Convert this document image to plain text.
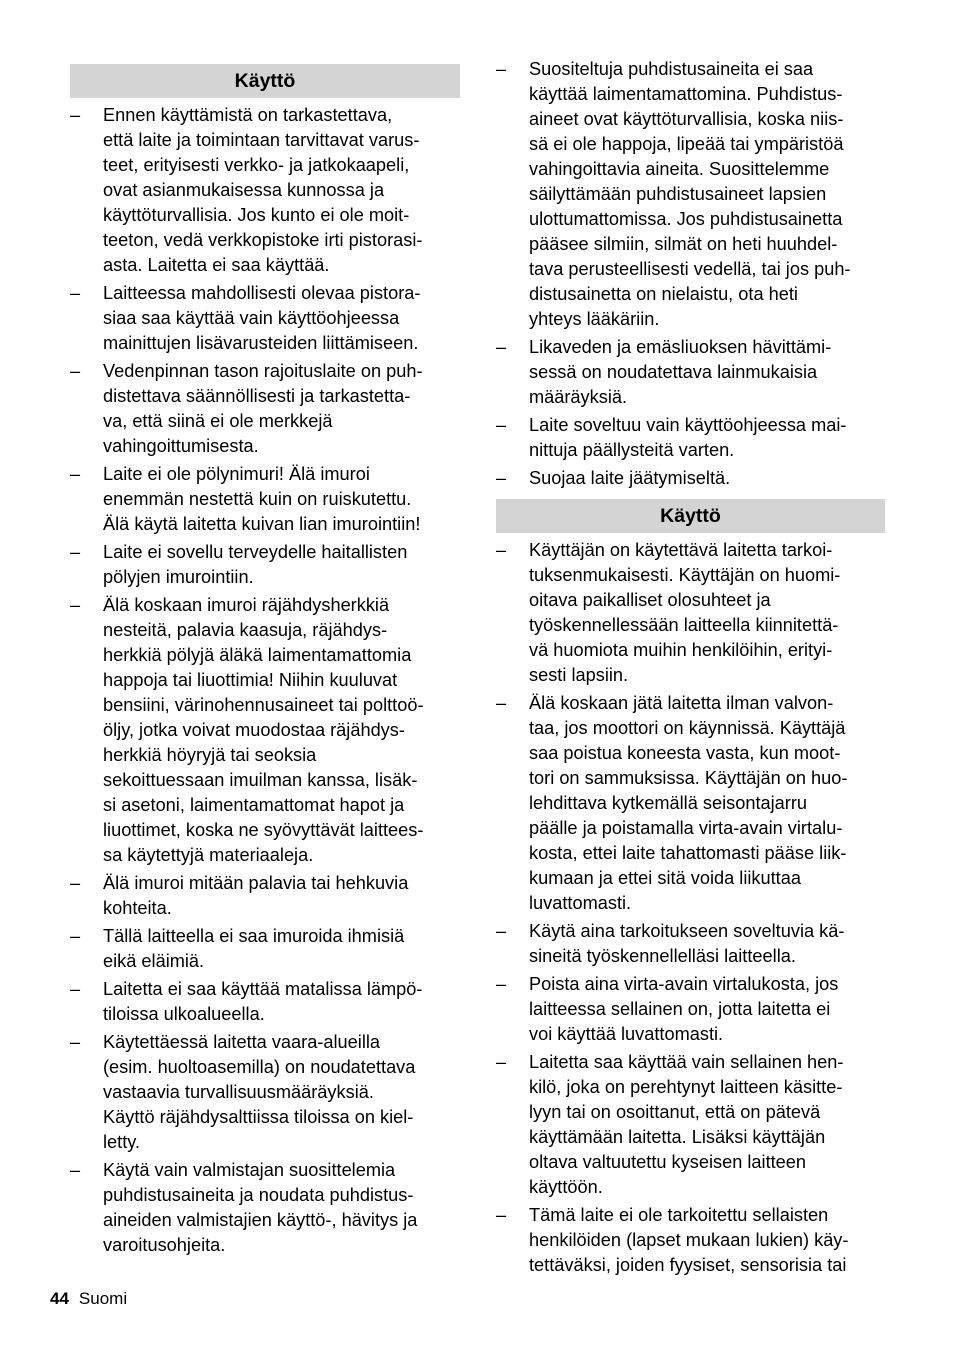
Käyttö
–	Ennen käyttämistä on tarkastettava,
että laite ja toimintaan tarvittavat varus-
teet, erityisesti verkko- ja jatkokaapeli,
ovat asianmukaisessa kunnossa ja
käyttöturvallisia. Jos kunto ei ole moit-
teeton, vedä verkkopistoke irti pistorasi-
asta. Laitetta ei saa käyttää.
–	Laitteessa mahdollisesti olevaa pistora-
siaa saa käyttää vain käyttöohjeessa
mainittujen lisävarusteiden liittämiseen.
–	Vedenpinnan tason rajoituslaite on puh-
distettava säännöllisesti ja tarkastetta-
va, että siinä ei ole merkkejä
vahingoittumisesta.
–	Laite ei ole pölynimuri! Älä imuroi
enemmän nestettä kuin on ruiskutettu.
Älä käytä laitetta kuivan lian imurointiin!
–	Laite ei sovellu terveydelle haitallisten
pölyjen imurointiin.
–	Älä koskaan imuroi räjähdysherkkiä
nesteitä, palavia kaasuja, räjähdys-
herkkiä pölyjä äläkä laimentamattomia
happoja tai liuottimia! Niihin kuuluvat
bensiini, värinohennusaineet tai polttoö-
öljy, jotka voivat muodostaa räjähdys-
herkkiä höyryjä tai seoksia
sekoittuessaan imuilman kanssa, lisäk-
si asetoni, laimentamattomat hapot ja
liuottimet, koska ne syövyttävät laittees-
sa käytettyjä materiaaleja.
–	Älä imuroi mitään palavia tai hehkuvia
kohteita.
–	Tällä laitteella ei saa imuroida ihmisiä
eikä eläimiä.
–	Laitetta ei saa käyttää matalissa lämpö-
tiloissa ulkoalueella.
–	Käytettäessä laitetta vaara-alueilla
(esim. huoltoasemilla) on noudatettava
vastaavia turvallisuusmääräyksiä.
Käyttö räjähdysalttiissa tiloissa on kiel-
letty.
–	Käytä vain valmistajan suosittelemia
puhdistusaineita ja noudata puhdistus-
aineiden valmistajien käyttö-, hävitys ja
varoitusohjeita.
–	Suositeltuja puhdistusaineita ei saa
käyttää laimentamattomina. Puhdistus-
aineet ovat käyttöturvallisia, koska niis-
sä ei ole happoja, lipeää tai ympäristöä
vahingoittavia aineita. Suosittelemme
säilyttämään puhdistusaineet lapsien
ulottumattomissa. Jos puhdistusainetta
pääsee silmiin, silmät on heti huuhdel-
tava perusteellisesti vedellä, tai jos puh-
distusainetta on nielaistu, ota heti
yhteys lääkäriin.
–	Likaveden ja emäsliuoksen hävittämi-
sessä on noudatettava lainmukaisia
määräyksiä.
–	Laite soveltuu vain käyttöohjeessa mai-
nittuja päällysteitä varten.
–	Suojaa laite jäätymiseltä.
Käyttö
–	Käyttäjän on käytettävä laitetta tarkoi-
tuksenmukaisesti. Käyttäjän on huomi-
oitava paikalliset olosuhteet ja
työskennellessään laitteella kiinnitettä-
vä huomiota muihin henkilöihin, erityi-
sesti lapsiin.
–	Älä koskaan jätä laitetta ilman valvon-
taa, jos moottori on käynnissä. Käyttäjä
saa poistua koneesta vasta, kun moot-
tori on sammuksissa. Käyttäjän on huo-
lehdittava kytkemällä seisontajarru
päälle ja poistamalla virta-avain virtalu-
kosta, ettei laite tahattomasti pääse liik-
kumaan ja ettei sitä voida liikuttaa
luvattomasti.
–	Käytä aina tarkoitukseen soveltuvia kä-
sineitä työskennellelläsi laitteella.
–	Poista aina virta-avain virtalukosta, jos
laitteessa sellainen on, jotta laitetta ei
voi käyttää luvattomasti.
–	Laitetta saa käyttää vain sellainen hen-
kilö, joka on perehtynyt laitteen käsitte-
lyyn tai on osoittanut, että on pätevä
käyttämään laitetta. Lisäksi käyttäjän
oltava valtuutettu kyseisen laitteen
käyttöön.
–	Tämä laite ei ole tarkoitettu sellaisten
henkilöiden (lapset mukaan lukien) käy-
tettäväksi, joiden fyysiset, sensorisia tai
44 Suomi
